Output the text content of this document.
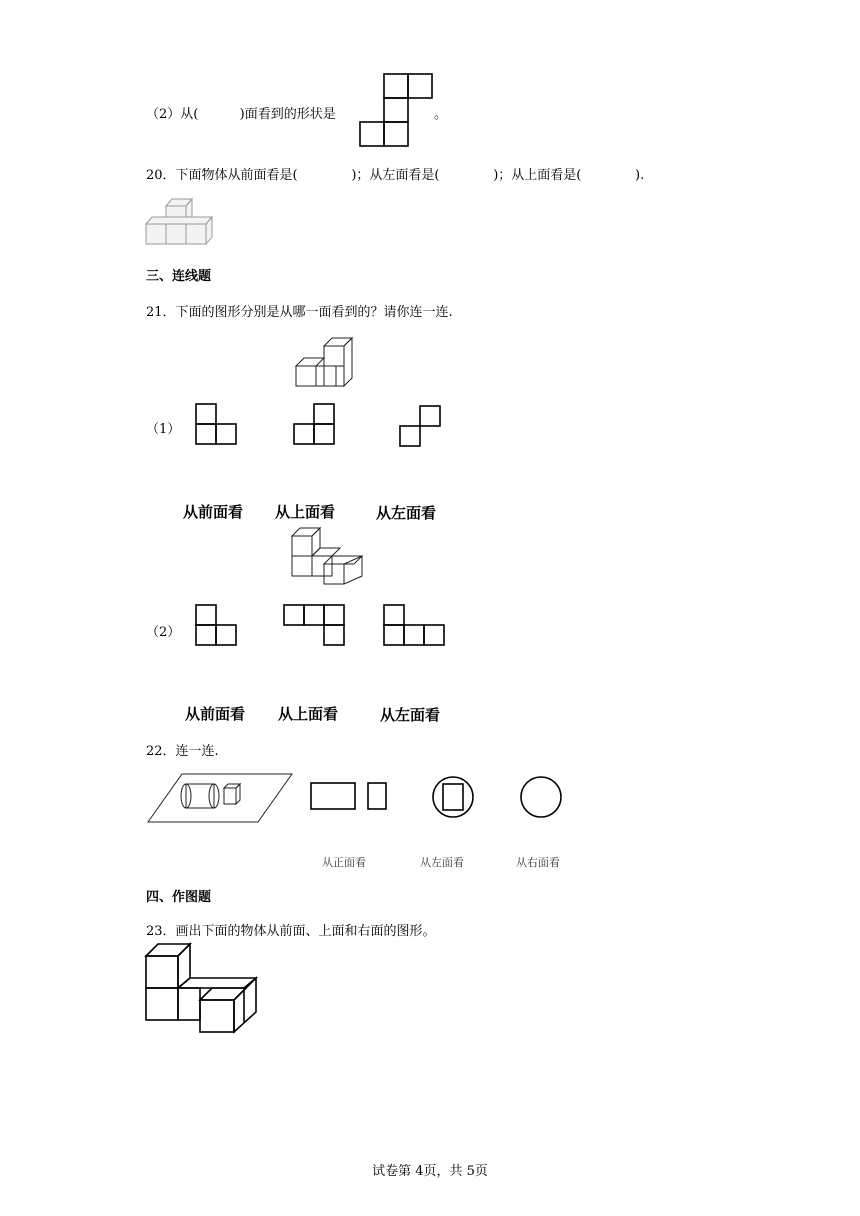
（2）从(	)面看到的形状是	。
20．下面物体从前面看是(             )；从左面看是(             )；从上面看是(             ).
三、连线题
21．下面的图形分别是从哪一面看到的？请你连一连.
（1）
从前面看 从上面看	从左面看
（2）
从前面看 从上面看	从左面看
22．连一连.
从正面看	从左面看	从右面看
四、作图题
23．画出下面的物体从前面、上面和右面的图形。
试卷第 4页，共 5页
